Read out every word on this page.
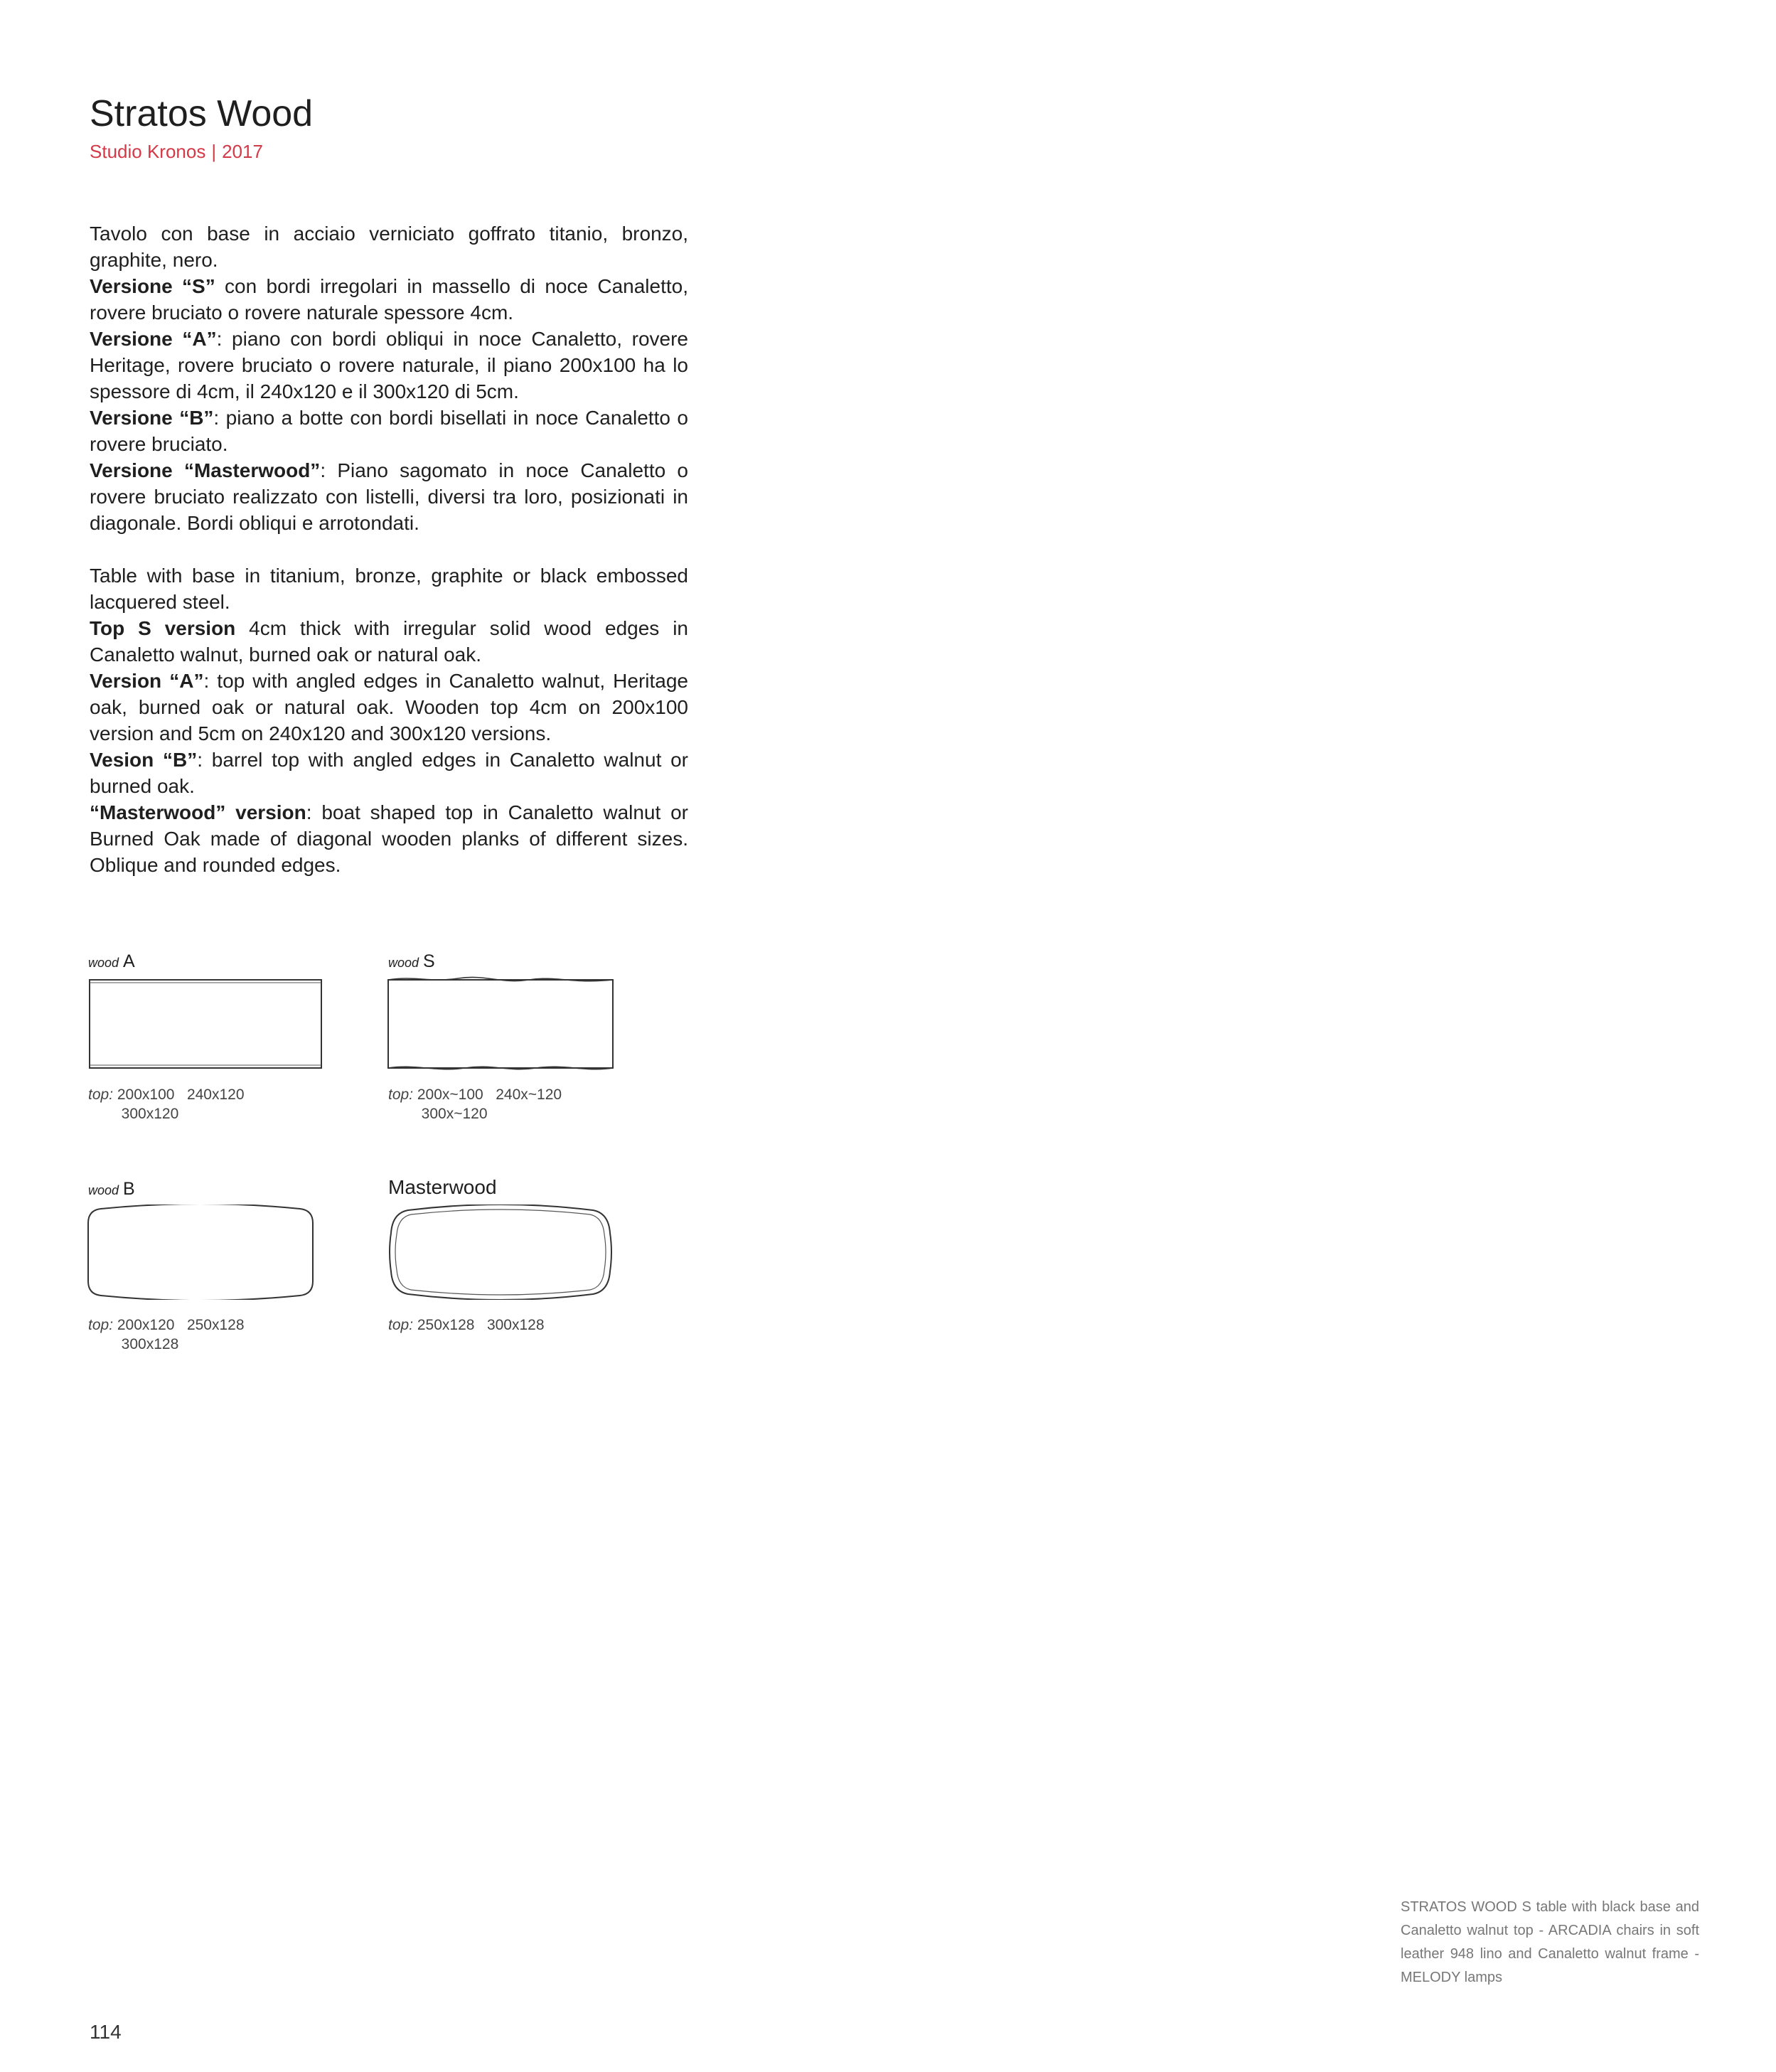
Stratos Wood
Studio Kronos | 2017

Tavolo con base in acciaio verniciato goffrato titanio, bronzo, graphite, nero.

Versione “S” con bordi irregolari in massello di noce Canaletto, rovere bruciato o rovere naturale spessore 4cm.

Versione “A”: piano con bordi obliqui in noce Canaletto, rovere Heritage, rovere bruciato o rovere naturale, il piano 200x100 ha lo spessore di 4cm, il 240x120 e il 300x120 di 5cm.

Versione “B”: piano a botte con bordi bisellati in noce Canaletto o rovere bruciato.

Versione “Masterwood”: Piano sagomato in noce Canaletto o rovere bruciato realizzato con listelli, diversi tra loro, posizionati in diagonale. Bordi obliqui e arrotondati.

Table with base in titanium, bronze, graphite or black embossed lacquered steel.

Top S version 4cm thick with irregular solid wood edges in Canaletto walnut, burned oak or natural oak.

Version “A”: top with angled edges in Canaletto walnut, Heritage oak, burned oak or natural oak. Wooden top 4cm on 200x100 version and 5cm on 240x120 and 300x120 versions.

Vesion “B”: barrel top with angled edges in Canaletto walnut or burned oak.

“Masterwood” version: boat shaped top in Canaletto walnut or Burned Oak made of diagonal wooden planks of different sizes. Oblique and rounded edges.

wood A
top: 200x100   240x120
300x120
wood S
top: 200x~100   240x~120
300x~120
wood B
top: 200x120   250x128
300x128
Masterwood
top: 250x128   300x128
STRATOS WOOD S table with black base and Canaletto walnut top - ARCADIA chairs in soft leather 948 lino and Canaletto walnut frame - MELODY lamps
114
